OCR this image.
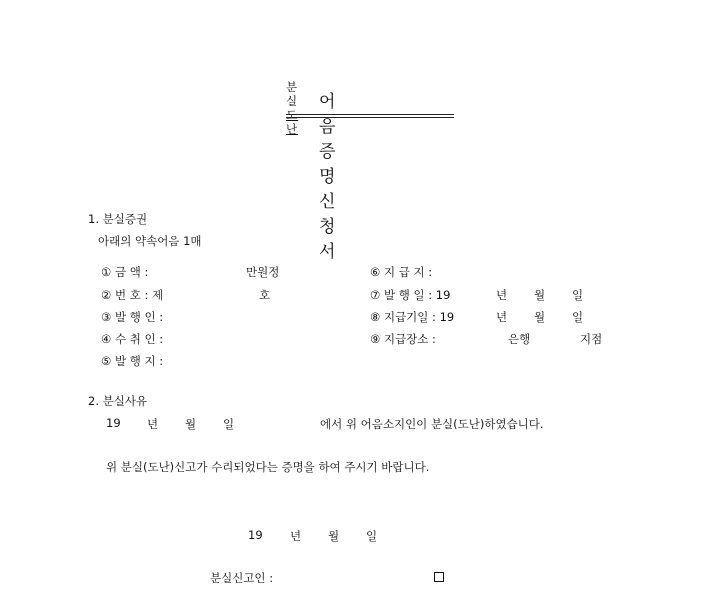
분실
도난
어음증명신청서
1. 분실증권
아래의 약속어음 1매
① 금 액 :	만원정
② 번 호 : 제	호
③ 발 행 인 :
④ 수 취 인 :
⑤ 발 행 지 :
⑥ 지 급 지 :
⑦ 발 행 일 : 19	년 월 일
⑧ 지급기일 : 19	년 월 일
⑨ 지급장소 :	은행	지점
2. 분실사유
19 년 월 일	에서 위 어음소지인이 분실(도난)하였습니다.
위 분실(도난)신고가 수리되었다는 증명을 하여 주시기 바랍니다.
19 년 월 일
분실신고인 :
